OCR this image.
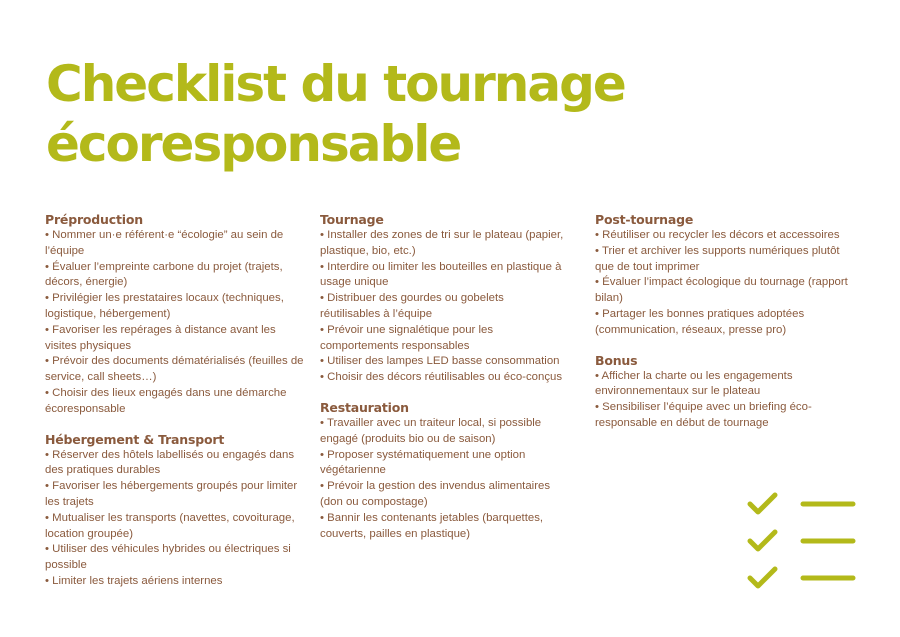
Checklist du tournage
écoresponsable
Préproduction
• Nommer un·e référent·e “écologie” au sein de l’équipe
• Évaluer l’empreinte carbone du projet (trajets, décors, énergie)
• Privilégier les prestataires locaux (techniques, logistique, hébergement)
• Favoriser les repérages à distance avant les visites physiques
• Prévoir des documents dématérialisés (feuilles de service, call sheets…)
• Choisir des lieux engagés dans une démarche écoresponsable
Hébergement & Transport
• Réserver des hôtels labellisés ou engagés dans des pratiques durables
• Favoriser les hébergements groupés pour limiter les trajets
• Mutualiser les transports (navettes, covoiturage, location groupée)
• Utiliser des véhicules hybrides ou électriques si possible
• Limiter les trajets aériens internes
Tournage
• Installer des zones de tri sur le plateau (papier, plastique, bio, etc.)
• Interdire ou limiter les bouteilles en plastique à usage unique
• Distribuer des gourdes ou gobelets réutilisables à l’équipe
• Prévoir une signalétique pour les comportements responsables
• Utiliser des lampes LED basse consommation
• Choisir des décors réutilisables ou éco-conçus
Restauration
• Travailler avec un traiteur local, si possible engagé (produits bio ou de saison)
• Proposer systématiquement une option végétarienne
• Prévoir la gestion des invendus alimentaires (don ou compostage)
• Bannir les contenants jetables (barquettes, couverts, pailles en plastique)
Post-tournage
• Réutiliser ou recycler les décors et accessoires
• Trier et archiver les supports numériques plutôt que de tout imprimer
• Évaluer l’impact écologique du tournage (rapport bilan)
• Partager les bonnes pratiques adoptées (communication, réseaux, presse pro)
Bonus
• Afficher la charte ou les engagements environnementaux sur le plateau
• Sensibiliser l’équipe avec un briefing éco-responsable en début de tournage
